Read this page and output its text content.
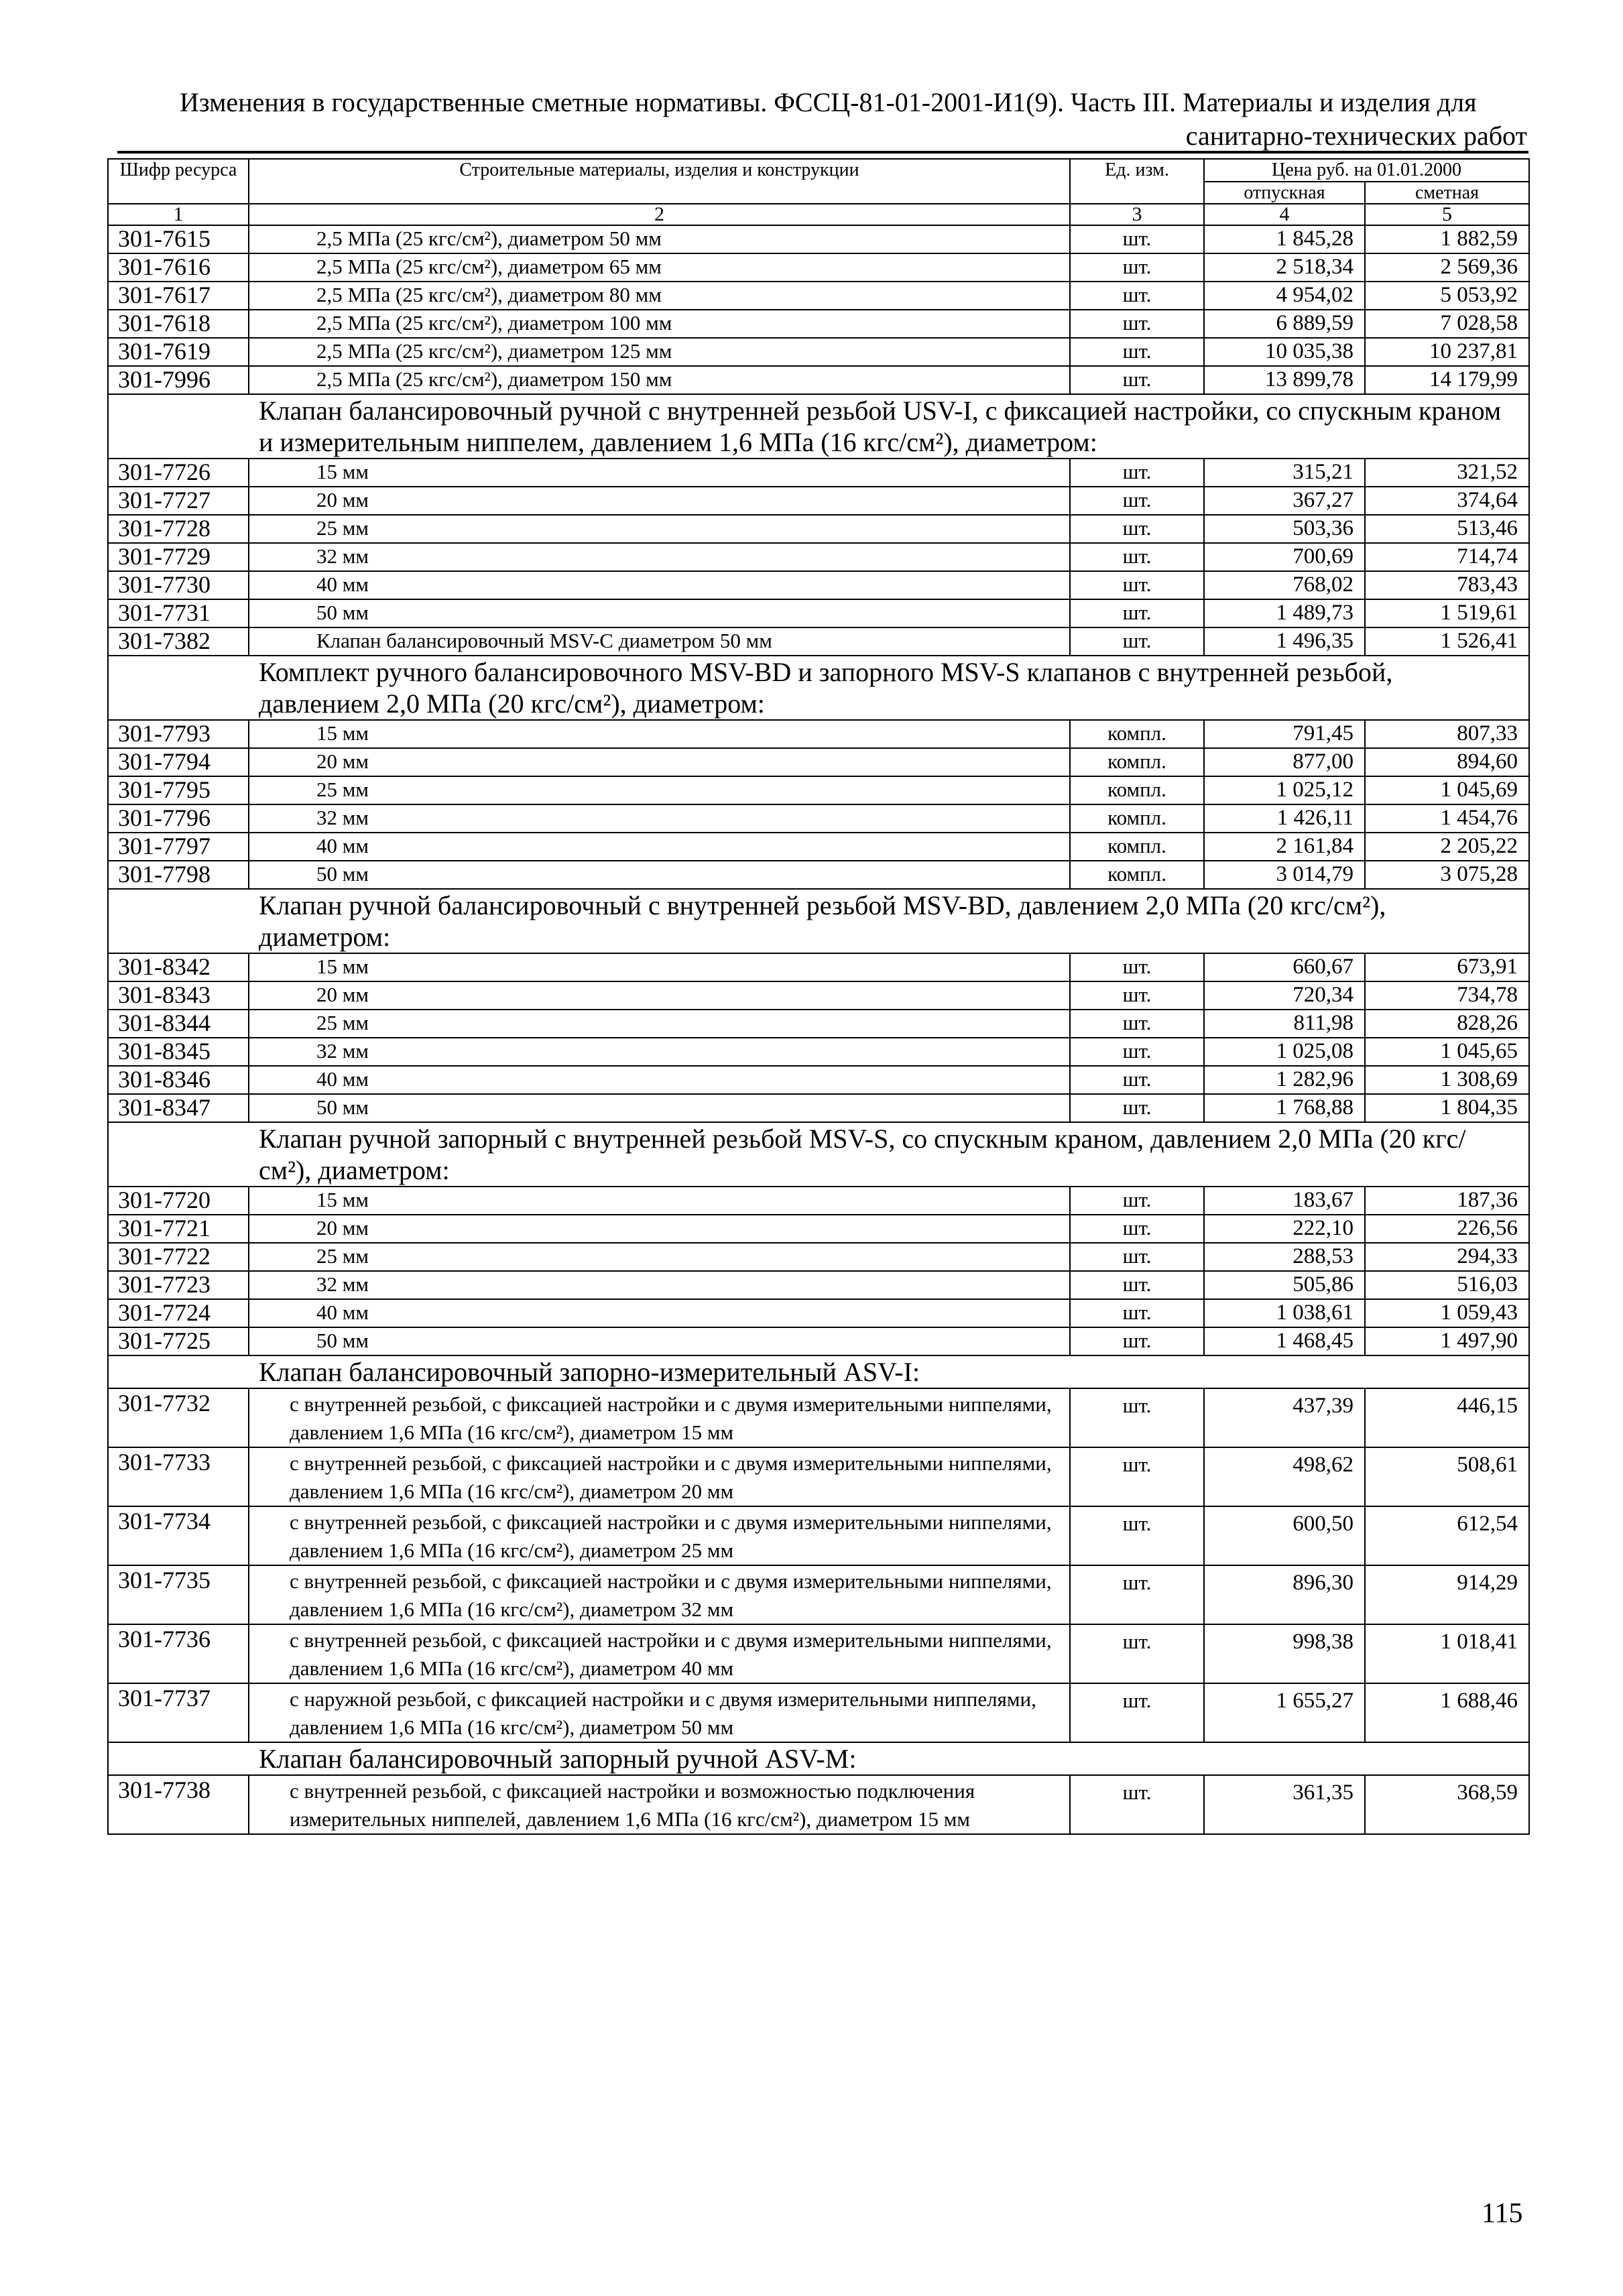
Изменения в государственные сметные нормативы. ФССЦ-81-01-2001-И1(9). Часть III. Материалы и изделия для
санитарно-технических работ
Шифр ресурса	Строительные материалы, изделия и конструкции	Ед. изм.	Цена руб. на 01.01.2000	
			отпускная	сметная
1	2	3	4	5
301-7615	2,5 МПа (25 кгс/см²), диаметром 50 мм	шт.	1 845,28	1 882,59
301-7616	2,5 МПа (25 кгс/см²), диаметром 65 мм	шт.	2 518,34	2 569,36
301-7617	2,5 МПа (25 кгс/см²), диаметром 80 мм	шт.	4 954,02	5 053,92
301-7618	2,5 МПа (25 кгс/см²), диаметром 100 мм	шт.	6 889,59	7 028,58
301-7619	2,5 МПа (25 кгс/см²), диаметром 125 мм	шт.	10 035,38	10 237,81
301-7996	2,5 МПа (25 кгс/см²), диаметром 150 мм	шт.	13 899,78	14 179,99
	Клапан балансировочный ручной с внутренней резьбой USV-I, с фиксацией настройки, со спускным краном и измерительным ниппелем, давлением 1,6 МПа (16 кгс/см²), диаметром:			
301-7726	15 мм	шт.	315,21	321,52
301-7727	20 мм	шт.	367,27	374,64
301-7728	25 мм	шт.	503,36	513,46
301-7729	32 мм	шт.	700,69	714,74
301-7730	40 мм	шт.	768,02	783,43
301-7731	50 мм	шт.	1 489,73	1 519,61
301-7382	Клапан балансировочный MSV-C диаметром 50 мм	шт.	1 496,35	1 526,41
	Комплект ручного балансировочного MSV-BD и запорного MSV-S клапанов с внутренней резьбой, давлением 2,0 МПа (20 кгс/см²), диаметром:			
301-7793	15 мм	компл.	791,45	807,33
301-7794	20 мм	компл.	877,00	894,60
301-7795	25 мм	компл.	1 025,12	1 045,69
301-7796	32 мм	компл.	1 426,11	1 454,76
301-7797	40 мм	компл.	2 161,84	2 205,22
301-7798	50 мм	компл.	3 014,79	3 075,28
	Клапан ручной балансировочный с внутренней резьбой MSV-BD, давлением 2,0 МПа (20 кгс/см²), диаметром:			
301-8342	15 мм	шт.	660,67	673,91
301-8343	20 мм	шт.	720,34	734,78
301-8344	25 мм	шт.	811,98	828,26
301-8345	32 мм	шт.	1 025,08	1 045,65
301-8346	40 мм	шт.	1 282,96	1 308,69
301-8347	50 мм	шт.	1 768,88	1 804,35
	Клапан ручной запорный с внутренней резьбой MSV-S, со спускным краном, давлением 2,0 МПа (20 кгс/см²), диаметром:			
301-7720	15 мм	шт.	183,67	187,36
301-7721	20 мм	шт.	222,10	226,56
301-7722	25 мм	шт.	288,53	294,33
301-7723	32 мм	шт.	505,86	516,03
301-7724	40 мм	шт.	1 038,61	1 059,43
301-7725	50 мм	шт.	1 468,45	1 497,90
	Клапан балансировочный запорно-измерительный ASV-I:			
301-7732	с внутренней резьбой, с фиксацией настройки и с двумя измерительными ниппелями, давлением 1,6 МПа (16 кгс/см²), диаметром 15 мм	шт.	437,39	446,15
301-7733	с внутренней резьбой, с фиксацией настройки и с двумя измерительными ниппелями, давлением 1,6 МПа (16 кгс/см²), диаметром 20 мм	шт.	498,62	508,61
301-7734	с внутренней резьбой, с фиксацией настройки и с двумя измерительными ниппелями, давлением 1,6 МПа (16 кгс/см²), диаметром 25 мм	шт.	600,50	612,54
301-7735	с внутренней резьбой, с фиксацией настройки и с двумя измерительными ниппелями, давлением 1,6 МПа (16 кгс/см²), диаметром 32 мм	шт.	896,30	914,29
301-7736	с внутренней резьбой, с фиксацией настройки и с двумя измерительными ниппелями, давлением 1,6 МПа (16 кгс/см²), диаметром 40 мм	шт.	998,38	1 018,41
301-7737	с наружной резьбой, с фиксацией настройки и с двумя измерительными ниппелями, давлением 1,6 МПа (16 кгс/см²), диаметром 50 мм	шт.	1 655,27	1 688,46
	Клапан балансировочный запорный ручной ASV-M:			
301-7738	с внутренней резьбой, с фиксацией настройки и возможностью подключения измерительных ниппелей, давлением 1,6 МПа (16 кгс/см²), диаметром 15 мм	шт.	361,35	368,59
115
